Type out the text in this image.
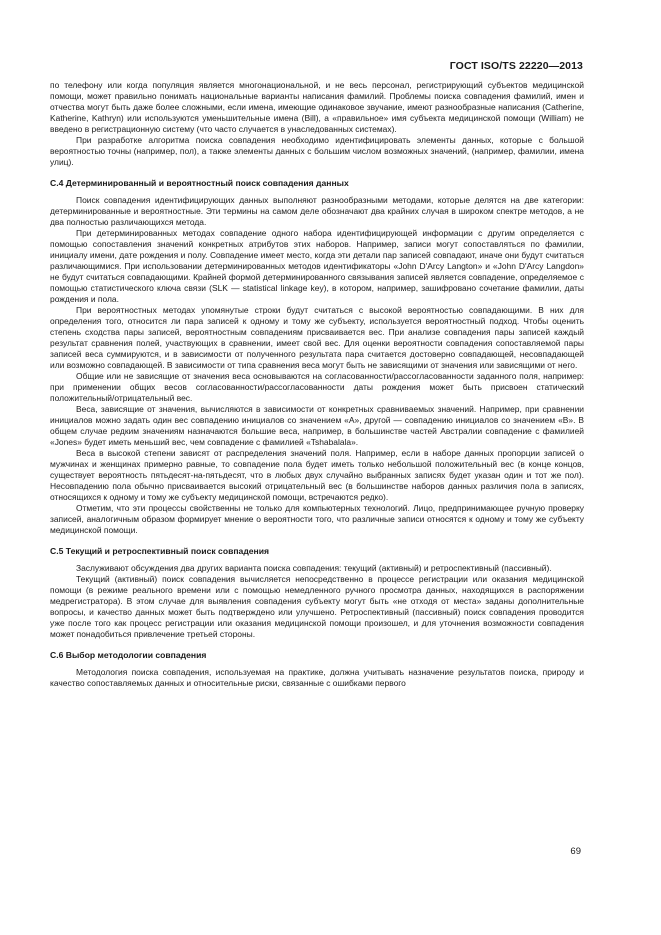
ГОСТ ISO/TS 22220—2013

по телефону или когда популяция является многонациональной, и не весь персонал, регистрирующий субъектов медицинской помощи, может правильно понимать национальные варианты написания фамилий. Проблемы поиска совпадения фамилий, имен и отчества могут быть даже более сложными, если имена, имеющие одинаковое звучание, имеют разнообразные написания (Catherine, Katherine, Kathryn) или используются уменьшительные имена (Bill), а «правильное» имя субъекта медицинской помощи (William) не введено в регистрационную систему (что часто случается в унаследованных системах).

При разработке алгоритма поиска совпадения необходимо идентифицировать элементы данных, которые с большой вероятностью точны (например, пол), а также элементы данных с большим числом возможных значений, (например, фамилии, имена улиц).

С.4 Детерминированный и вероятностный поиск совпадения данных

Поиск совпадения идентифицирующих данных выполняют разнообразными методами, которые делятся на две категории: детерминированные и вероятностные. Эти термины на самом деле обозначают два крайних случая в широком спектре методов, а не два полностью различающихся метода.

При детерминированных методах совпадение одного набора идентифицирующей информации с другим определяется с помощью сопоставления значений конкретных атрибутов этих наборов. Например, записи могут сопоставляться по фамилии, инициалу имени, дате рождения и полу. Совпадение имеет место, когда эти детали пар записей совпадают, иначе они будут считаться различающимися. При использовании детерминированных методов идентификаторы «John D'Arcy Langton» и «John D'Arcy Langdon» не будут считаться совпадающими. Крайней формой детерминированного связывания записей является совпадение, определяемое с помощью статистического ключа связи (SLK — statistical linkage key), в котором, например, зашифровано сочетание фамилии, даты рождения и пола.

При вероятностных методах упомянутые строки будут считаться с высокой вероятностью совпадающими. В них для определения того, относится ли пара записей к одному и тому же субъекту, используется вероятностный подход. Чтобы оценить степень сходства пары записей, вероятностным совпадениям присваивается вес. При анализе совпадения пары записей каждый результат сравнения полей, участвующих в сравнении, имеет свой вес. Для оценки вероятности совпадения сопоставляемой пары записей веса суммируются, и в зависимости от полученного результата пара считается достоверно совпадающей, несовпадающей или возможно совпадающей. В зависимости от типа сравнения веса могут быть не зависящими от значения или зависящими от него.

Общие или не зависящие от значения веса основываются на согласованности/рассогласованности заданного поля, например: при применении общих весов согласованности/рассогласованности даты рождения может быть присвоен статический положительный/отрицательный вес.

Веса, зависящие от значения, вычисляются в зависимости от конкретных сравниваемых значений. Например, при сравнении инициалов можно задать один вес совпадению инициалов со значением «A», другой — совпадению инициалов со значением «B». В общем случае редким значениям назначаются большие веса, например, в большинстве частей Австралии совпадение с фамилией «Jones» будет иметь меньший вес, чем совпадение с фамилией «Tshabalala».

Веса в высокой степени зависят от распределения значений поля. Например, если в наборе данных пропорции записей о мужчинах и женщинах примерно равные, то совпадение пола будет иметь только небольшой положительный вес (в конце концов, существует вероятность пятьдесят-на-пятьдесят, что в любых двух случайно выбранных записях будет указан один и тот же пол). Несовпадению пола обычно присваивается высокий отрицательный вес (в большинстве наборов данных различия пола в записях, относящихся к одному и тому же субъекту медицинской помощи, встречаются редко).

Отметим, что эти процессы свойственны не только для компьютерных технологий. Лицо, предпринимающее ручную проверку записей, аналогичным образом формирует мнение о вероятности того, что различные записи относятся к одному и тому же субъекту медицинской помощи.

С.5 Текущий и ретроспективный поиск совпадения

Заслуживают обсуждения два других варианта поиска совпадения: текущий (активный) и ретроспективный (пассивный).

Текущий (активный) поиск совпадения вычисляется непосредственно в процессе регистрации или оказания медицинской помощи (в режиме реального времени или с помощью немедленного ручного просмотра данных, находящихся в распоряжении медрегистратора). В этом случае для выявления совпадения субъекту могут быть «не отходя от места» заданы дополнительные вопросы, и качество данных может быть подтверждено или улучшено. Ретроспективный (пассивный) поиск совпадения проводится уже после того как процесс регистрации или оказания медицинской помощи произошел, и для уточнения возможности совпадения может понадобиться привлечение третьей стороны.

С.6 Выбор методологии совпадения

Методология поиска совпадения, используемая на практике, должна учитывать назначение результатов поиска, природу и качество сопоставляемых данных и относительные риски, связанные с ошибками первого

69
